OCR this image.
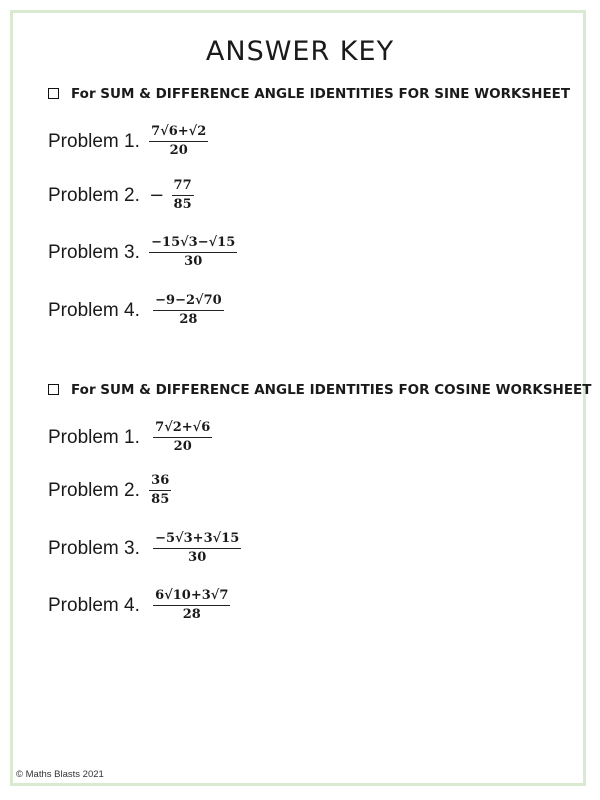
ANSWER KEY
For SUM & DIFFERENCE ANGLE IDENTITIES FOR SINE WORKSHEET
Problem 1. $\frac{7√6+√2}{20}$
Problem 2. − $\frac{77}{85}$
Problem 3. $\frac{-15√3-√15}{30}$
Problem 4. $\frac{-9-2√70}{28}$
For SUM & DIFFERENCE ANGLE IDENTITIES FOR COSINE WORKSHEET
Problem 1. $\frac{7√2+√6}{20}$
Problem 2. $\frac{36}{85}$
Problem 3. $\frac{-5√3+3√15}{30}$
Problem 4. $\frac{6√10+3√7}{28}$
© Maths Blasts 2021
